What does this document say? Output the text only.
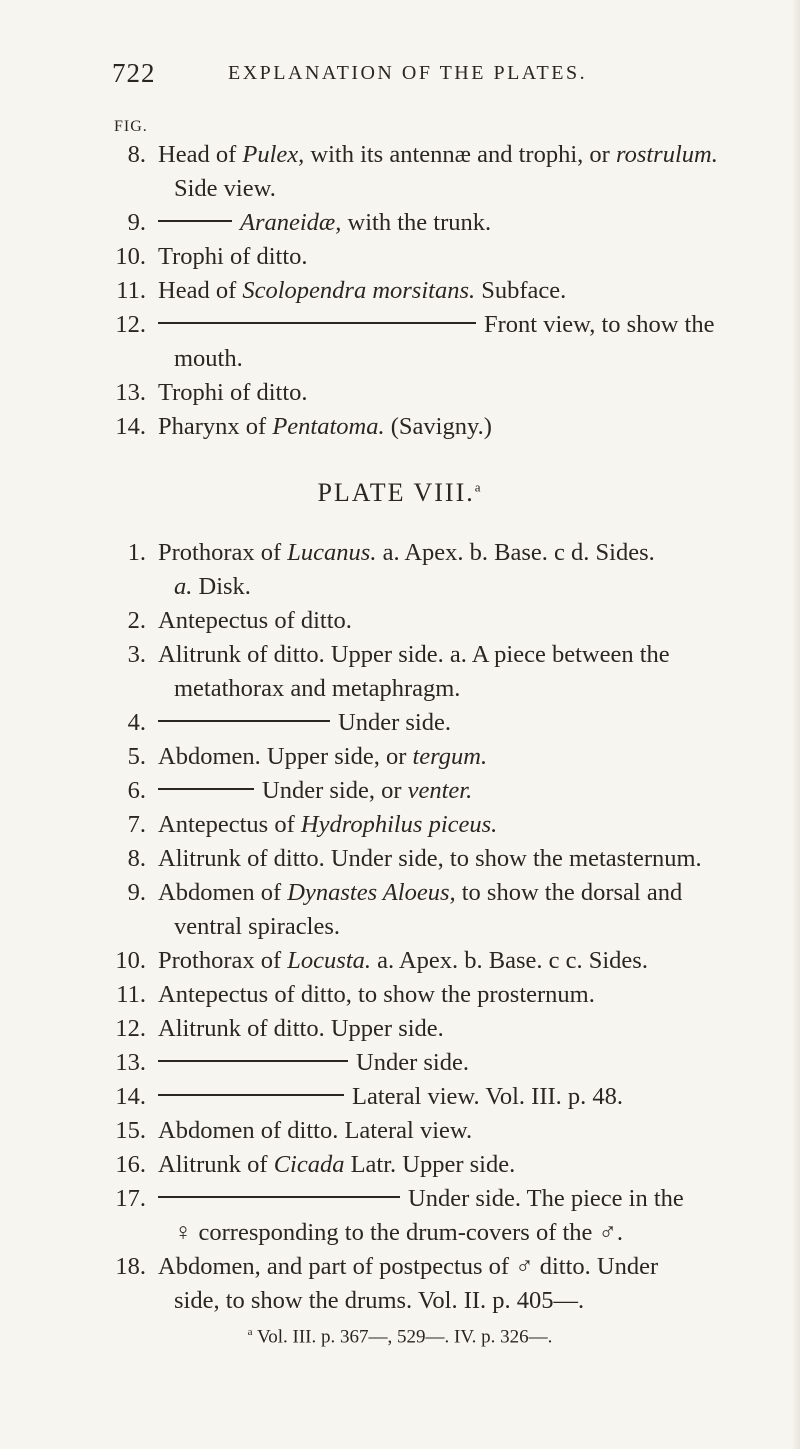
722	EXPLANATION OF THE PLATES.
FIG.
8. Head of Pulex, with its antennæ and trophi, or rostrulum.
Side view.
9.	Araneidæ, with the trunk.
10. Trophi of ditto.
11. Head of Scolopendra morsitans. Subface.
12.	Front view, to show the
mouth.
13. Trophi of ditto.
14. Pharynx of Pentatoma. (Savigny.)
PLATE VIII.$^a$
1. Prothorax of Lucanus. a. Apex. b. Base. c d. Sides.
a. Disk.
2. Antepectus of ditto.
3. Alitrunk of ditto. Upper side. a. A piece between the
metathorax and metaphragm.
4.	Under side.
5. Abdomen. Upper side, or tergum.
6.	Under side, or venter.
7. Antepectus of Hydrophilus piceus.
8. Alitrunk of ditto. Under side, to show the metasternum.
9. Abdomen of Dynastes Aloeus, to show the dorsal and
ventral spiracles.
10. Prothorax of Locusta. a. Apex. b. Base. c c. Sides.
11. Antepectus of ditto, to show the prosternum.
12. Alitrunk of ditto. Upper side.
13.	Under side.
14.	Lateral view. Vol. III. p. 48.
15. Abdomen of ditto. Lateral view.
16. Alitrunk of Cicada Latr. Upper side.
17.	Under side. The piece in the
♀ corresponding to the drum-covers of the ♂.
18. Abdomen, and part of postpectus of ♂ ditto. Under
side, to show the drums. Vol. II. p. 405—.
$^a$ Vol. III. p. 367—, 529—. IV. p. 326—.
